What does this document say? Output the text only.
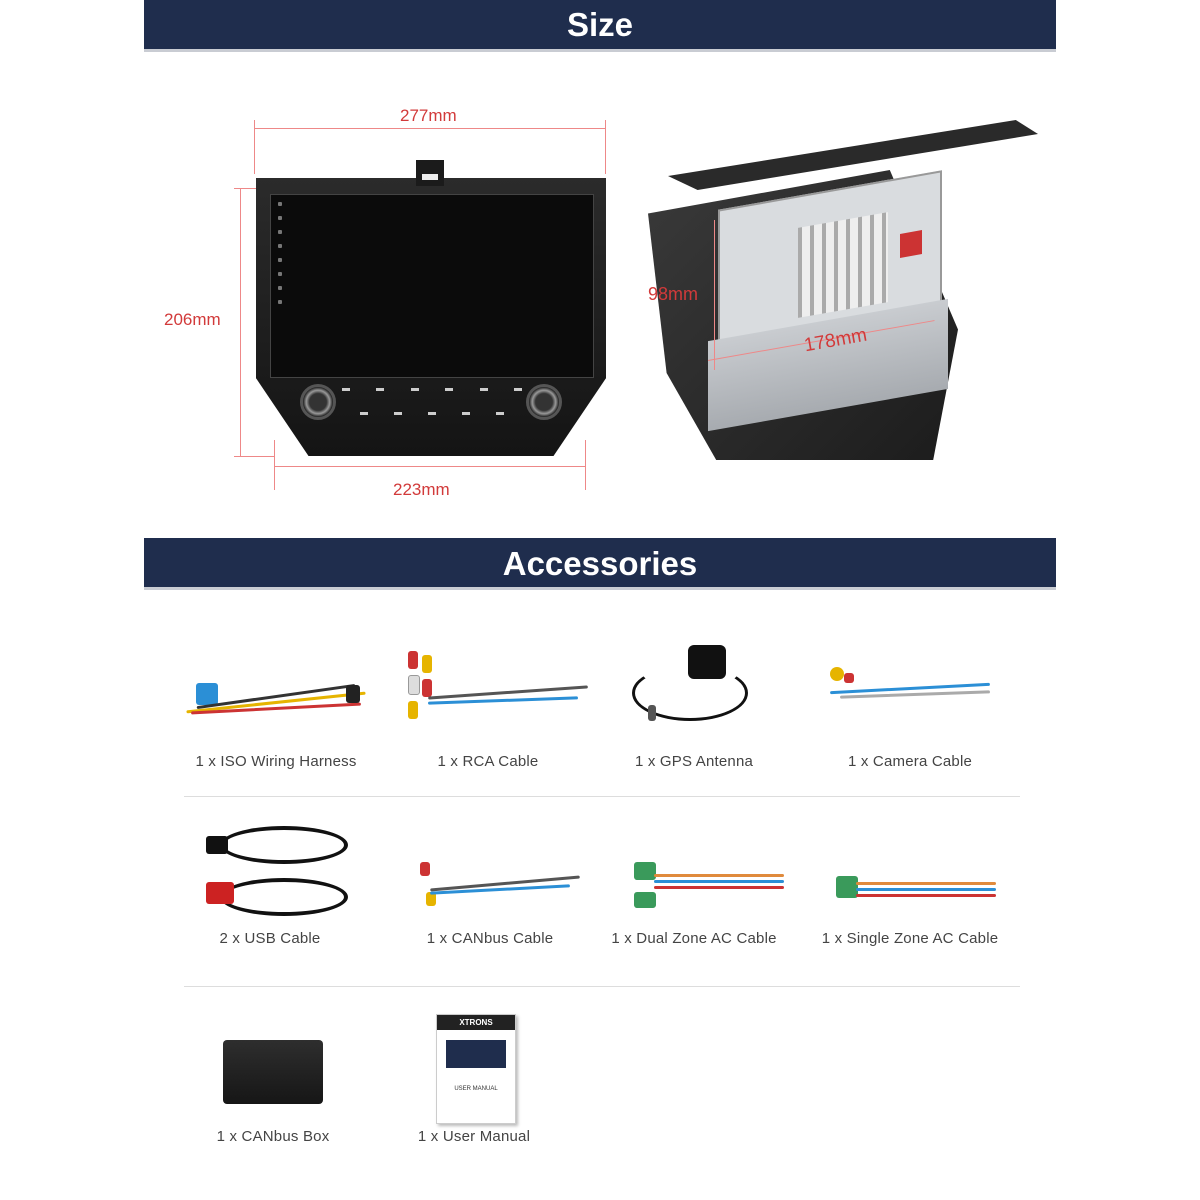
Size
277mm
206mm
223mm
98mm
178mm
Accessories
1 x ISO Wiring Harness	1 x RCA Cable	1 x GPS Antenna	1 x Camera Cable
2 x USB Cable	1 x CANbus Cable	1 x Dual Zone AC Cable	1 x Single Zone AC Cable
1 x CANbus Box
XTRONS
USER MANUAL
1 x User Manual
